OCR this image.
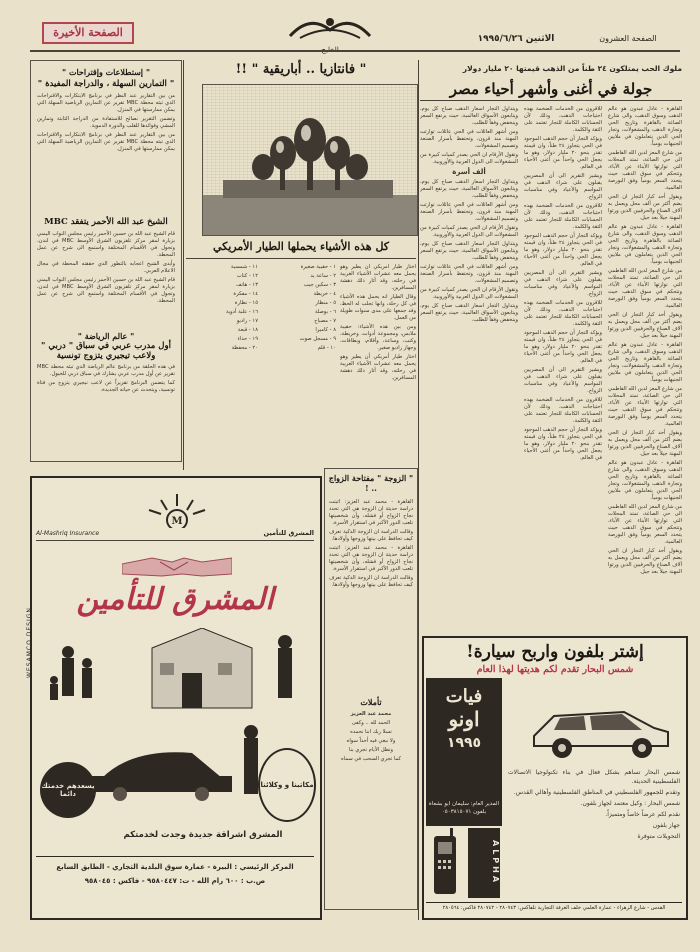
الصفحة الأخيرة	الاثنين ١٩٩٥/٦/٢٦	الصفحة العشرون
ملوك الحب يمتلكون ٢٤ طناً من الذهب قيمتها ٢٠ مليار دولار
جولة في أغنى وأشهر أحياء مصر

القاهرة - عادل عبدون هو عالم الذهب وسوق الذهب، والى شارع الصاغة بالقاهرة وتاريخ الحي وتجارة الذهب والمشغولات، وتجار الحي الذين يتعاملون في ملايين الجنيهات يومياً.

من شارع المعز لدين الله الفاطمي الى حي الصاغة، تمتد المحلات التي توارثها الأبناء عن الآباء، وتتحكم في سوق الذهب حيث يتحدد السعر يومياً وفق البورصة العالمية.

ويقول أحد كبار التجار ان الحي يضم أكثر من ألف محل ويعمل به آلاف الصناع والحرفيين الذين ورثوا المهنة جيلاً بعد جيل.

القاهرة - عادل عبدون هو عالم الذهب وسوق الذهب، والى شارع الصاغة بالقاهرة وتاريخ الحي وتجارة الذهب والمشغولات، وتجار الحي الذين يتعاملون في ملايين الجنيهات يومياً.

من شارع المعز لدين الله الفاطمي الى حي الصاغة، تمتد المحلات التي توارثها الأبناء عن الآباء، وتتحكم في سوق الذهب حيث يتحدد السعر يومياً وفق البورصة العالمية.

ويقول أحد كبار التجار ان الحي يضم أكثر من ألف محل ويعمل به آلاف الصناع والحرفيين الذين ورثوا المهنة جيلاً بعد جيل.

القاهرة - عادل عبدون هو عالم الذهب وسوق الذهب، والى شارع الصاغة بالقاهرة وتاريخ الحي وتجارة الذهب والمشغولات، وتجار الحي الذين يتعاملون في ملايين الجنيهات يومياً.

من شارع المعز لدين الله الفاطمي الى حي الصاغة، تمتد المحلات التي توارثها الأبناء عن الآباء، وتتحكم في سوق الذهب حيث يتحدد السعر يومياً وفق البورصة العالمية.

ويقول أحد كبار التجار ان الحي يضم أكثر من ألف محل ويعمل به آلاف الصناع والحرفيين الذين ورثوا المهنة جيلاً بعد جيل.

القاهرة - عادل عبدون هو عالم الذهب وسوق الذهب، والى شارع الصاغة بالقاهرة وتاريخ الحي وتجارة الذهب والمشغولات، وتجار الحي الذين يتعاملون في ملايين الجنيهات يومياً.

من شارع المعز لدين الله الفاطمي الى حي الصاغة، تمتد المحلات التي توارثها الأبناء عن الآباء، وتتحكم في سوق الذهب حيث يتحدد السعر يومياً وفق البورصة العالمية.

ويقول أحد كبار التجار ان الحي يضم أكثر من ألف محل ويعمل به آلاف الصناع والحرفيين الذين ورثوا المهنة جيلاً بعد جيل.

للاقرون من الخدمات الضخمة بهذه احتياجات الذهب، وذلك لأن الحسابات الكاملة للتجار تعتمد على الثقة والكلمة.

ويؤكد التجار أن حجم الذهب الموجود في الحي يتجاوز ٢٤ طناً، وان قيمته تقدر بنحو ٢٠ مليار دولار، وهو ما يجعل الحي واحداً من أغنى الأحياء في العالم.

ويشير التقرير الى أن المصريين يقبلون على شراء الذهب في المواسم والأعياد وفي مناسبات الزواج.

للاقرون من الخدمات الضخمة بهذه احتياجات الذهب، وذلك لأن الحسابات الكاملة للتجار تعتمد على الثقة والكلمة.

ويؤكد التجار أن حجم الذهب الموجود في الحي يتجاوز ٢٤ طناً، وان قيمته تقدر بنحو ٢٠ مليار دولار، وهو ما يجعل الحي واحداً من أغنى الأحياء في العالم.

ويشير التقرير الى أن المصريين يقبلون على شراء الذهب في المواسم والأعياد وفي مناسبات الزواج.

للاقرون من الخدمات الضخمة بهذه احتياجات الذهب، وذلك لأن الحسابات الكاملة للتجار تعتمد على الثقة والكلمة.

ويؤكد التجار أن حجم الذهب الموجود في الحي يتجاوز ٢٤ طناً، وان قيمته تقدر بنحو ٢٠ مليار دولار، وهو ما يجعل الحي واحداً من أغنى الأحياء في العالم.

ويشير التقرير الى أن المصريين يقبلون على شراء الذهب في المواسم والأعياد وفي مناسبات الزواج.

للاقرون من الخدمات الضخمة بهذه احتياجات الذهب، وذلك لأن الحسابات الكاملة للتجار تعتمد على الثقة والكلمة.

ويؤكد التجار أن حجم الذهب الموجود في الحي يتجاوز ٢٤ طناً، وان قيمته تقدر بنحو ٢٠ مليار دولار، وهو ما يجعل الحي واحداً من أغنى الأحياء في العالم.

ويتداول التجار اسعار الذهب صباح كل يوم، ويتابعون الأسواق العالمية، حيث يرتفع السعر وينخفض وفقاً للطلب.

ومن أشهر العائلات في الحي عائلات توارثت المهنة منذ قرون، وتحتفظ بأسرار الصنعة وتصميم المشغولات.

وتقول الأرقام ان الحي يصدر كميات كبيرة من المشغولات الى الدول العربية والأوروبية.

ألف أسرة

ويتداول التجار اسعار الذهب صباح كل يوم، ويتابعون الأسواق العالمية، حيث يرتفع السعر وينخفض وفقاً للطلب.

ومن أشهر العائلات في الحي عائلات توارثت المهنة منذ قرون، وتحتفظ بأسرار الصنعة وتصميم المشغولات.

وتقول الأرقام ان الحي يصدر كميات كبيرة من المشغولات الى الدول العربية والأوروبية.

ويتداول التجار اسعار الذهب صباح كل يوم، ويتابعون الأسواق العالمية، حيث يرتفع السعر وينخفض وفقاً للطلب.

ومن أشهر العائلات في الحي عائلات توارثت المهنة منذ قرون، وتحتفظ بأسرار الصنعة وتصميم المشغولات.

وتقول الأرقام ان الحي يصدر كميات كبيرة من المشغولات الى الدول العربية والأوروبية.

ويتداول التجار اسعار الذهب صباح كل يوم، ويتابعون الأسواق العالمية، حيث يرتفع السعر وينخفض وفقاً للطلب.

" فانتازيا .. أباريقية " !!
كل هذه الأشياء يحملها الطيار الأمريكي

اختار طيار أمريكي أن يطير وهو يحمل معه عشرات الأشياء الغريبة في رحلته، وقد أثار ذلك دهشة المسافرين.

وقال الطيار انه يحمل هذه الأشياء في كل رحلة، وانها تجلب له الحظ، وقد جمعها على مدى سنوات طويلة من العمل.

ومن بين هذه الأشياء: حقيبة ملابس، ومجموعة أدوات، وخريطة، وكتب، وساعة، وأقلام، وبطاقات، وجهاز راديو صغير.

اختار طيار أمريكي أن يطير وهو يحمل معه عشرات الأشياء الغريبة في رحلته، وقد أثار ذلك دهشة المسافرين.

١ - حقيبة صغيرة

٢ - ساعة يد

٣ - سكين جيب

٤ - خريطة

٥ - منظار

٦ - بوصلة

٧ - مصباح

٨ - كاميرا

٩ - مسجل صوت

١٠ - قلم

١١ - شمسية

١٢ - كتاب

١٣ - هاتف

١٤ - مفكرة

١٥ - نظارة

١٦ - علبة أدوية

١٧ - راديو

١٨ - قبعة

١٩ - حذاء

٢٠ - محفظة

" إستطلاعات وإقتراحات "
" التمارين السهلة ، والدراجة المفيدة "

من بين التقارير عند النظر في برنامج الابتكارات والاقتراحات الذي تبثه محطة MBC تقرير عن التمارين الرياضية السهلة التي يمكن ممارستها في المنزل.

وتضمن التقرير نصائح للاستفادة من الدراجة الثابتة وتمارين المشي وفوائدها للقلب والدورة الدموية.

من بين التقارير عند النظر في برنامج الابتكارات والاقتراحات الذي تبثه محطة MBC تقرير عن التمارين الرياضية السهلة التي يمكن ممارستها في المنزل.

الشيخ عبد الله الأحمر يتفقد MBC

قام الشيخ عبد الله بن حسين الأحمر رئيس مجلس النواب اليمني بزيارة لمقر مركز تلفزيون الشرق الأوسط MBC في لندن، وتجول في الأقسام المختلفة واستمع الى شرح عن عمل المحطة.

وأبدى الشيخ اعجابه بالتطور الذي حققته المحطة في مجال الاعلام العربي.

قام الشيخ عبد الله بن حسين الأحمر رئيس مجلس النواب اليمني بزيارة لمقر مركز تلفزيون الشرق الأوسط MBC في لندن، وتجول في الأقسام المختلفة واستمع الى شرح عن عمل المحطة.

" عالم الرياضة "
أول مدرب عربي في سباق " دربي " ولاعب تيجيري يتزوج تونسية

في هذه الحلقة من برنامج عالم الرياضة الذي تبثه محطة MBC تقرير عن أول مدرب عربي يشارك في سباق دربي للخيول.

كما يتضمن البرنامج تقريراً عن لاعب نيجيري يتزوج من فتاة تونسية، ويتحدث عن حياته الجديدة.

" الزوجة " مفتاحة الزواج .. !

القاهرة - محمد عبد العزيز: اثبتت دراسة حديثة ان الزوجة هي التي تحدد نجاح الزواج أو فشله، وأن شخصيتها تلعب الدور الأكبر في استقرار الأسرة.

وقالت الدراسة ان الزوجة الذكية تعرف كيف تحافظ على بيتها وزوجها وأولادها.

القاهرة - محمد عبد العزيز: اثبتت دراسة حديثة ان الزوجة هي التي تحدد نجاح الزواج أو فشله، وأن شخصيتها تلعب الدور الأكبر في استقرار الأسرة.

وقالت الدراسة ان الزوجة الذكية تعرف كيف تحافظ على بيتها وزوجها وأولادها.

تأملات

محمد عبد العزيز

الحمد لله .. وكفى

تسلا ربك اننا نحمده

ولا نبغي فيه أحداً سواه

وتظل الأيام تجري بنا

كما تجري السحب في سماه

WESAMCO DESIGN
M
Al-Mashriq Insurance	المشرق للتأمين
المشرق للتأمين
يسعدهم خدمتك دائما
مكاتبنا و وكلائنا
المشرق اشراقة جديدة وجدت لخدمتكم
المركز الرئيسي : البيرة - عمارة سوق البلدية التجاري - الطابق السابع
ص.ب : ٦٠٠ رام الله - ت: ٩٥٨٠٤٤٧ - فاكس : ٩٥٨٠٤٥
إشتر بلفون واربح سيارة!
شمس البحار تقدم لكم هديتها لهذا العام
فيات
اونو
١٩٩٥
المدير العام: سليمان ابو بشعاة
بلفون ٠٥٠٣٨١٥٠٧١
ALPHA

شمس البحار تساهم بشكل فعال في بناء تكنولوجيا الاتصالات الفلسطينية الحديثة.

وتقدم للجمهور الفلسطيني في المناطق الفلسطينية وأهالي القدس.

شمس البحار : وكيل معتمد لجهاز بلفون.

نقدم لكم عرضاً خاصاً ومتميزاً.

جهاز بلفون

التحويلات متوفرة

القدس - شارع الزهراء - عمارة العلمي خلف الغرفة التجارية تلفاكس: ٢٨٠٧٤٣ - ٢٨٠٧٤٢ فاكس: ٢٨٠٥٦٤
